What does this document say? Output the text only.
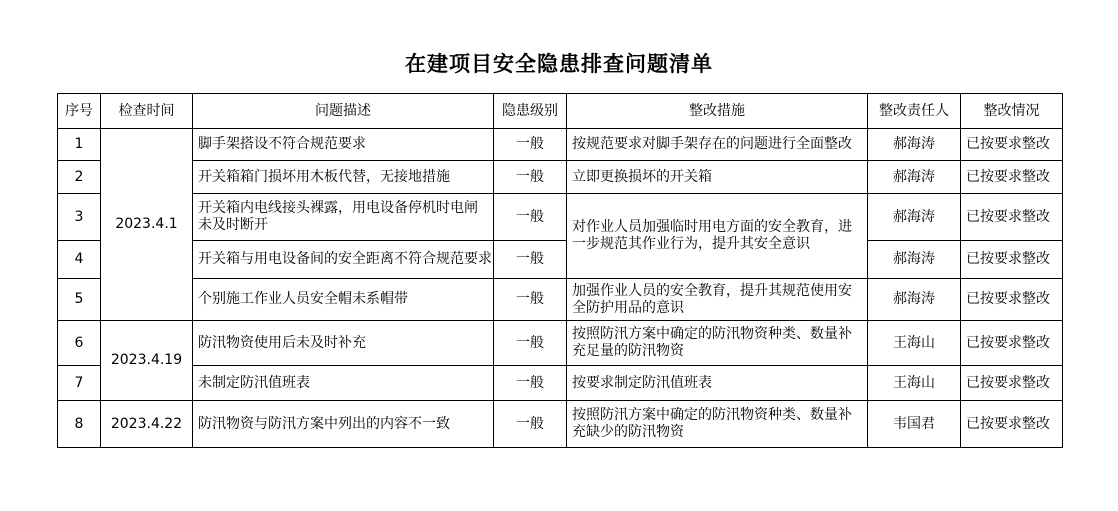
在建项目安全隐患排查问题清单
序号	检查时间	问题描述	隐患级别	整改措施	整改责任人	整改情况
1	2023.4.1	脚手架搭设不符合规范要求	一般	按规范要求对脚手架存在的问题进行全面整改	郝海涛	已按要求整改
2		开关箱箱门损坏用木板代替，无接地措施	一般	立即更换损坏的开关箱	郝海涛	已按要求整改
3		开关箱内电线接头裸露，用电设备停机时电闸未及时断开	一般	对作业人员加强临时用电方面的安全教育，进一步规范其作业行为，提升其安全意识	郝海涛	已按要求整改
4		开关箱与用电设备间的安全距离不符合规范要求	一般		郝海涛	已按要求整改
5		个别施工作业人员安全帽未系帽带	一般	加强作业人员的安全教育，提升其规范使用安全防护用品的意识	郝海涛	已按要求整改
6	2023.4.19	防汛物资使用后未及时补充	一般	按照防汛方案中确定的防汛物资种类、数量补充足量的防汛物资	王海山	已按要求整改
7		未制定防汛值班表	一般	按要求制定防汛值班表	王海山	已按要求整改
8	2023.4.22	防汛物资与防汛方案中列出的内容不一致	一般	按照防汛方案中确定的防汛物资种类、数量补充缺少的防汛物资	韦国君	已按要求整改
